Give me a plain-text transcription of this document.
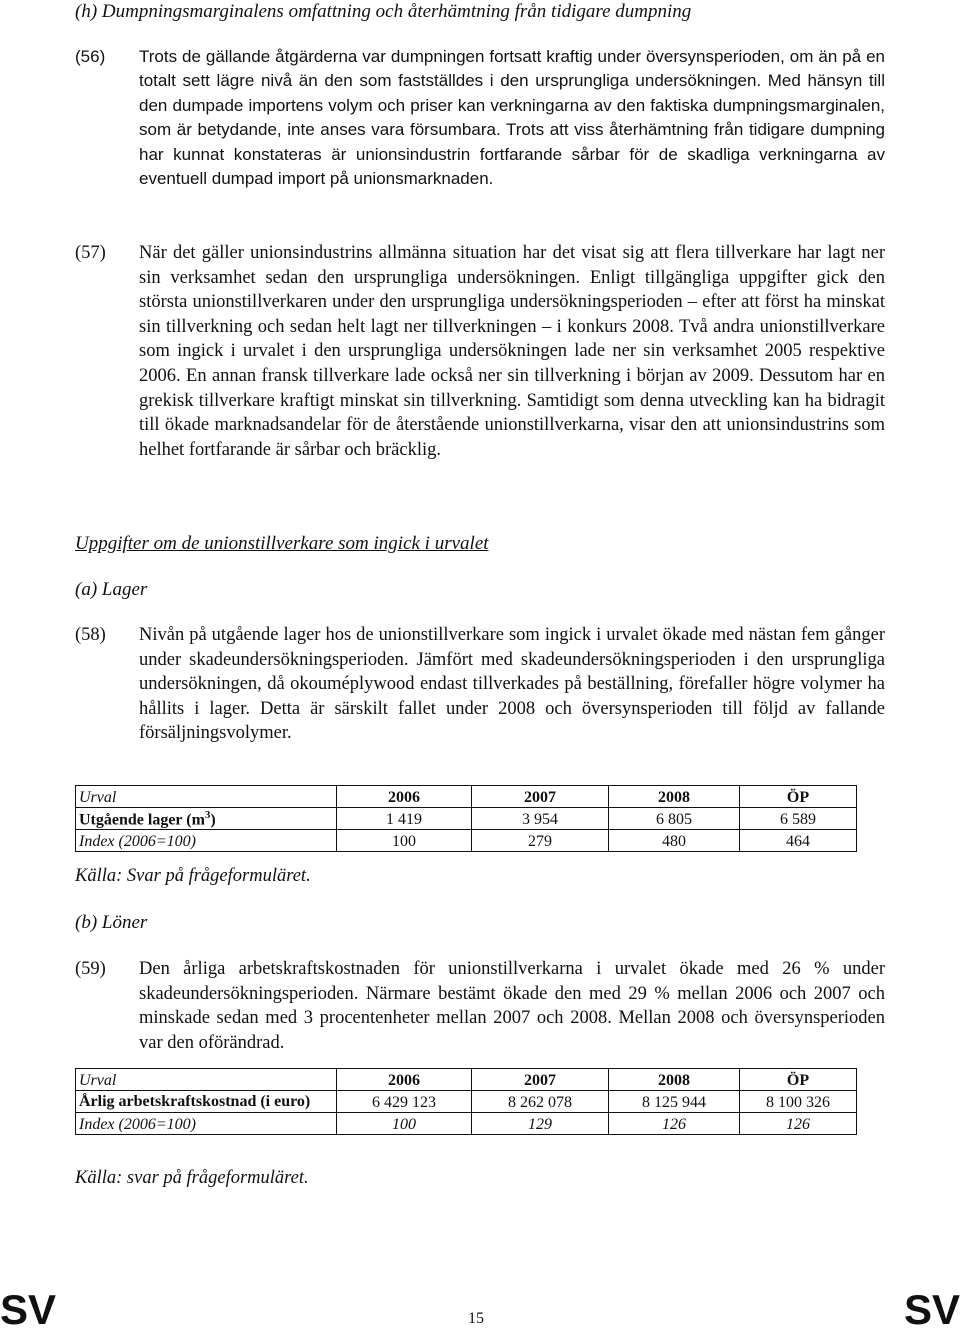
(h) Dumpningsmarginalens omfattning och återhämtning från tidigare dumpning
(56)	Trots de gällande åtgärderna var dumpningen fortsatt kraftig under översynsperioden, om än på en totalt sett lägre nivå än den som fastställdes i den ursprungliga undersökningen. Med hänsyn till den dumpade importens volym och priser kan verkningarna av den faktiska dumpningsmarginalen, som är betydande, inte anses vara försumbara. Trots att viss återhämtning från tidigare dumpning har kunnat konstateras är unionsindustrin fortfarande sårbar för de skadliga verkningarna av eventuell dumpad import på unionsmarknaden.
(57)	När det gäller unionsindustrins allmänna situation har det visat sig att flera tillverkare har lagt ner sin verksamhet sedan den ursprungliga undersökningen. Enligt tillgängliga uppgifter gick den största unionstillverkaren under den ursprungliga undersökningsperioden – efter att först ha minskat sin tillverkning och sedan helt lagt ner tillverkningen – i konkurs 2008. Två andra unionstillverkare som ingick i urvalet i den ursprungliga undersökningen lade ner sin verksamhet 2005 respektive 2006. En annan fransk tillverkare lade också ner sin tillverkning i början av 2009. Dessutom har en grekisk tillverkare kraftigt minskat sin tillverkning. Samtidigt som denna utveckling kan ha bidragit till ökade marknadsandelar för de återstående unionstillverkarna, visar den att unionsindustrins som helhet fortfarande är sårbar och bräcklig.
Uppgifter om de unionstillverkare som ingick i urvalet
(a) Lager
(58)	Nivån på utgående lager hos de unionstillverkare som ingick i urvalet ökade med nästan fem gånger under skadeundersökningsperioden. Jämfört med skadeundersökningsperioden i den ursprungliga undersökningen, då okouméplywood endast tillverkades på beställning, förefaller högre volymer ha hållits i lager. Detta är särskilt fallet under 2008 och översynsperioden till följd av fallande försäljningsvolymer.
Urval	2006	2007	2008	ÖP
Utgående lager $(m^3)$	1 419	3 954	6 805	6 589
Index (2006=100)	100	279	480	464
Källa: Svar på frågeformuläret.
(b) Löner
(59)	Den årliga arbetskraftskostnaden för unionstillverkarna i urvalet ökade med 26 % under skadeundersökningsperioden. Närmare bestämt ökade den med 29 % mellan 2006 och 2007 och minskade sedan med 3 procentenheter mellan 2007 och 2008. Mellan 2008 och översynsperioden var den oförändrad.
Urval	2006	2007	2008	ÖP
Årlig arbetskraftskostnad (i euro)	6 429 123	8 262 078	8 125 944	8 100 326
Index (2006=100)	100	129	126	126
Källa: svar på frågeformuläret.
SV	15	SV
